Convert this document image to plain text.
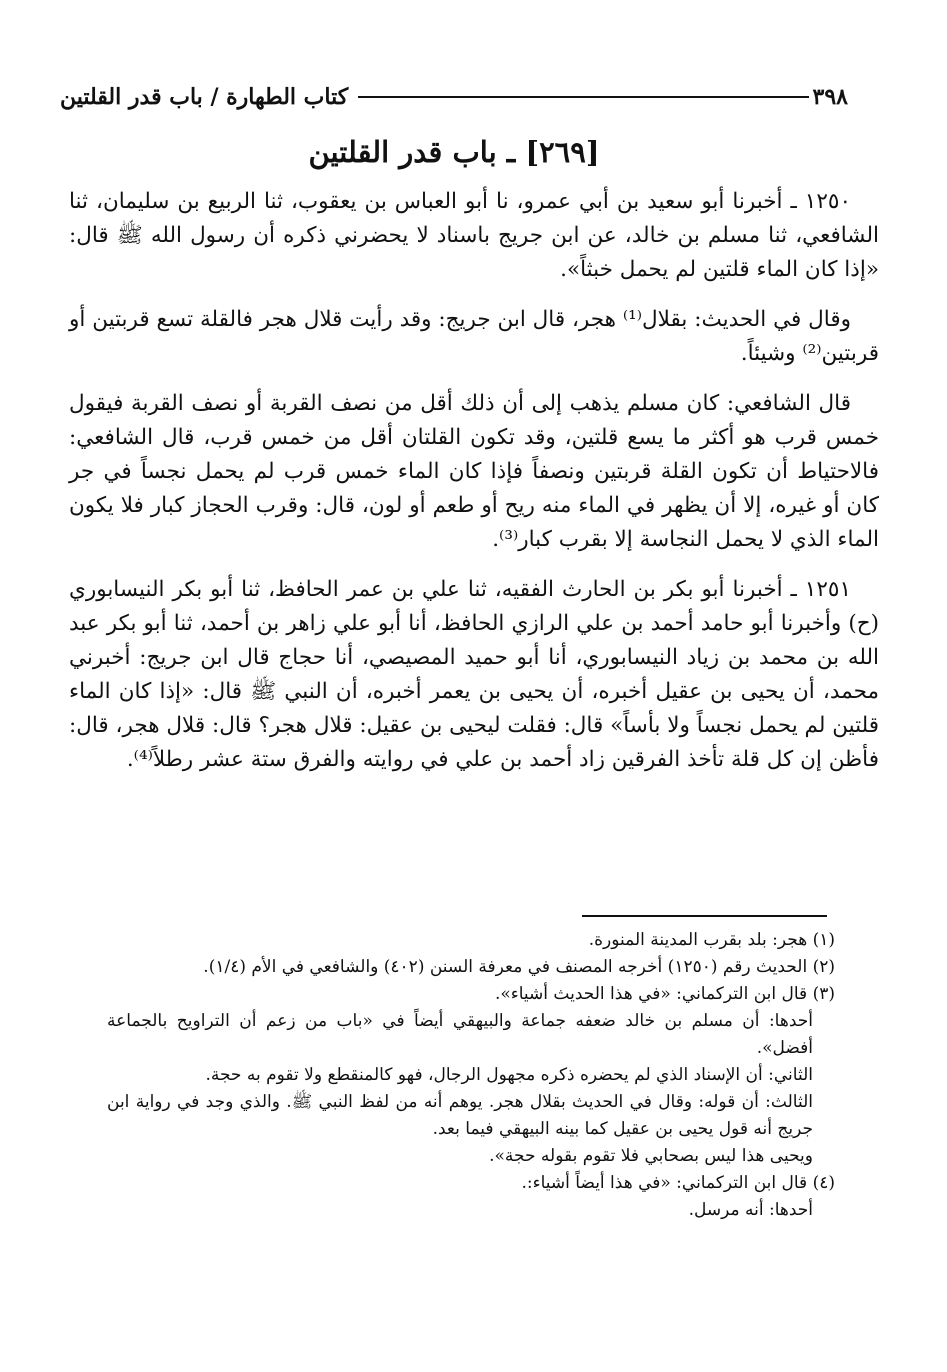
كتاب الطهارة / باب قدر القلتين	٣٩٨
[٢٦٩] ـ باب قدر القلتين

١٢٥٠ ـ أخبرنا أبو سعيد بن أبي عمرو، نا أبو العباس بن يعقوب، ثنا الربيع بن سليمان، ثنا الشافعي، ثنا مسلم بن خالد، عن ابن جريج باسناد لا يحضرني ذكره أن رسول الله ﷺ قال: «إذا كان الماء قلتين لم يحمل خبثاً».

وقال في الحديث: بقلال⁽¹⁾ هجر، قال ابن جريج: وقد رأيت قلال هجر فالقلة تسع قربتين أو قربتين⁽²⁾ وشيئاً.

قال الشافعي: كان مسلم يذهب إلى أن ذلك أقل من نصف القربة أو نصف القربة فيقول خمس قرب هو أكثر ما يسع قلتين، وقد تكون القلتان أقل من خمس قرب، قال الشافعي: فالاحتياط أن تكون القلة قربتين ونصفاً فإذا كان الماء خمس قرب لم يحمل نجساً في جر كان أو غيره، إلا أن يظهر في الماء منه ريح أو طعم أو لون، قال: وقرب الحجاز كبار فلا يكون الماء الذي لا يحمل النجاسة إلا بقرب كبار⁽³⁾.

١٢٥١ ـ أخبرنا أبو بكر بن الحارث الفقيه، ثنا علي بن عمر الحافظ، ثنا أبو بكر النيسابوري (ح) وأخبرنا أبو حامد أحمد بن علي الرازي الحافظ، أنا أبو علي زاهر بن أحمد، ثنا أبو بكر عبد الله بن محمد بن زياد النيسابوري، أنا أبو حميد المصيصي، أنا حجاج قال ابن جريج: أخبرني محمد، أن يحيى بن عقيل أخبره، أن يحيى بن يعمر أخبره، أن النبي ﷺ قال: «إذا كان الماء قلتين لم يحمل نجساً ولا بأساً» قال: فقلت ليحيى بن عقيل: قلال هجر؟ قال: قلال هجر، قال: فأظن إن كل قلة تأخذ الفرقين زاد أحمد بن علي في روايته والفرق ستة عشر رطلاً⁽⁴⁾.

(١) هجر: بلد بقرب المدينة المنورة.

(٢) الحديث رقم (١٢٥٠) أخرجه المصنف في معرفة السنن (٤٠٢) والشافعي في الأم (١/٤).

(٣) قال ابن التركماني: «في هذا الحديث أشياء».

أحدها: أن مسلم بن خالد ضعفه جماعة والبيهقي أيضاً في «باب من زعم أن التراويح بالجماعة أفضل».

الثاني: أن الإسناد الذي لم يحضره ذكره مجهول الرجال، فهو كالمنقطع ولا تقوم به حجة.

الثالث: أن قوله: وقال في الحديث بقلال هجر. يوهم أنه من لفظ النبي ﷺ. والذي وجد في رواية ابن جريج أنه قول يحيى بن عقيل كما بينه البيهقي فيما بعد.

ويحيى هذا ليس بصحابي فلا تقوم بقوله حجة».

(٤) قال ابن التركماني: «في هذا أيضاً أشياء:.

أحدها: أنه مرسل.
